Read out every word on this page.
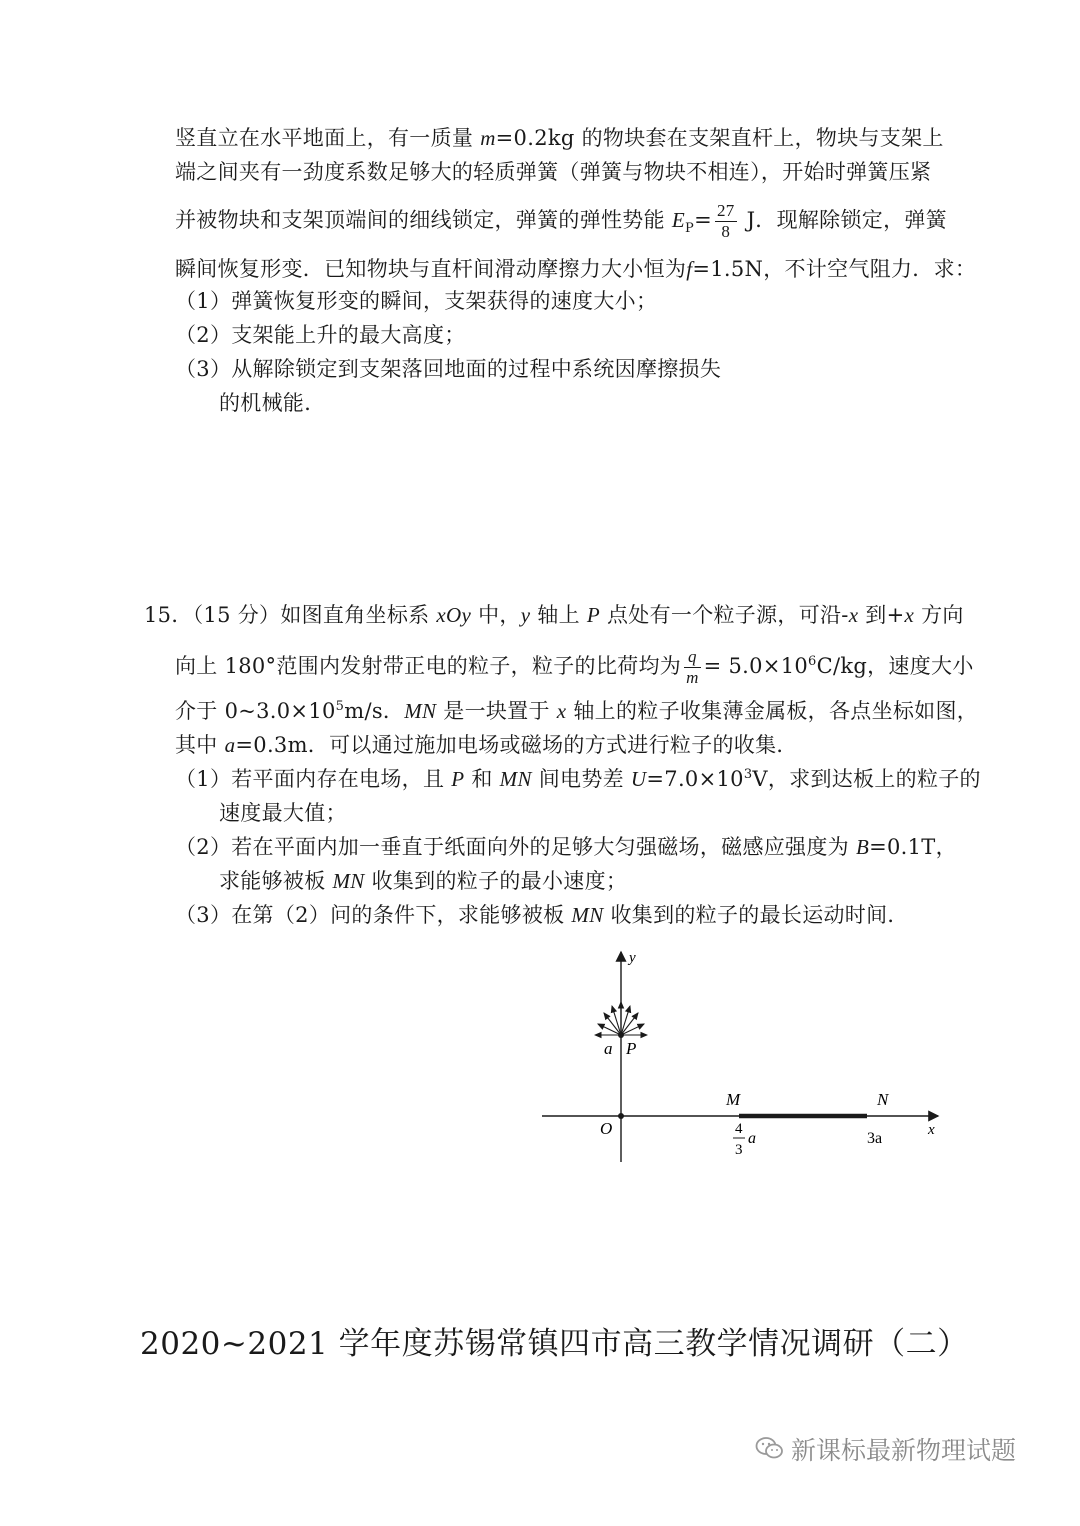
竖直立在水平地面上，有一质量 m=0.2kg 的物块套在支架直杆上，物块与支架上
端之间夹有一劲度系数足够大的轻质弹簧（弹簧与物块不相连），开始时弹簧压紧
并被物块和支架顶端间的细线锁定，弹簧的弹性势能 $E_P= \frac{27}{8}$ J．现解除锁定，弹簧
瞬间恢复形变．已知物块与直杆间滑动摩擦力大小恒为f=1.5N，不计空气阻力．求：
（1）弹簧恢复形变的瞬间，支架获得的速度大小；
（2）支架能上升的最大高度；
（3）从解除锁定到支架落回地面的过程中系统因摩擦损失
的机械能．
15．（15 分）如图直角坐标系 xOy 中，y 轴上 P 点处有一个粒子源，可沿-x 到+x 方向
向上 180°范围内发射带正电的粒子，粒子的比荷均为 $\frac{q}{m} = 5.0\times 10^6C/kg$，速度大小
介于 $0\sim 3.0\times 10^5m/s$．MN 是一块置于 x 轴上的粒子收集薄金属板，各点坐标如图，
其中 a=0.3m．可以通过施加电场或磁场的方式进行粒子的收集．
（1）若平面内存在电场，且 P 和 MN 间电势差 $U=7.0\times 10^3V$，求到达板上的粒子的
速度最大值；
（2）若在平面内加一垂直于纸面向外的足够大匀强磁场，磁感应强度为 B=0.1T，
求能够被板 MN 收集到的粒子的最小速度；
（3）在第（2）问的条件下，求能够被板 MN 收集到的粒子的最长运动时间．
y
x
O
P
a
M	N
4
3
a	3a
2020~2021 学年度苏锡常镇四市高三教学情况调研（二）
新课标最新物理试题
